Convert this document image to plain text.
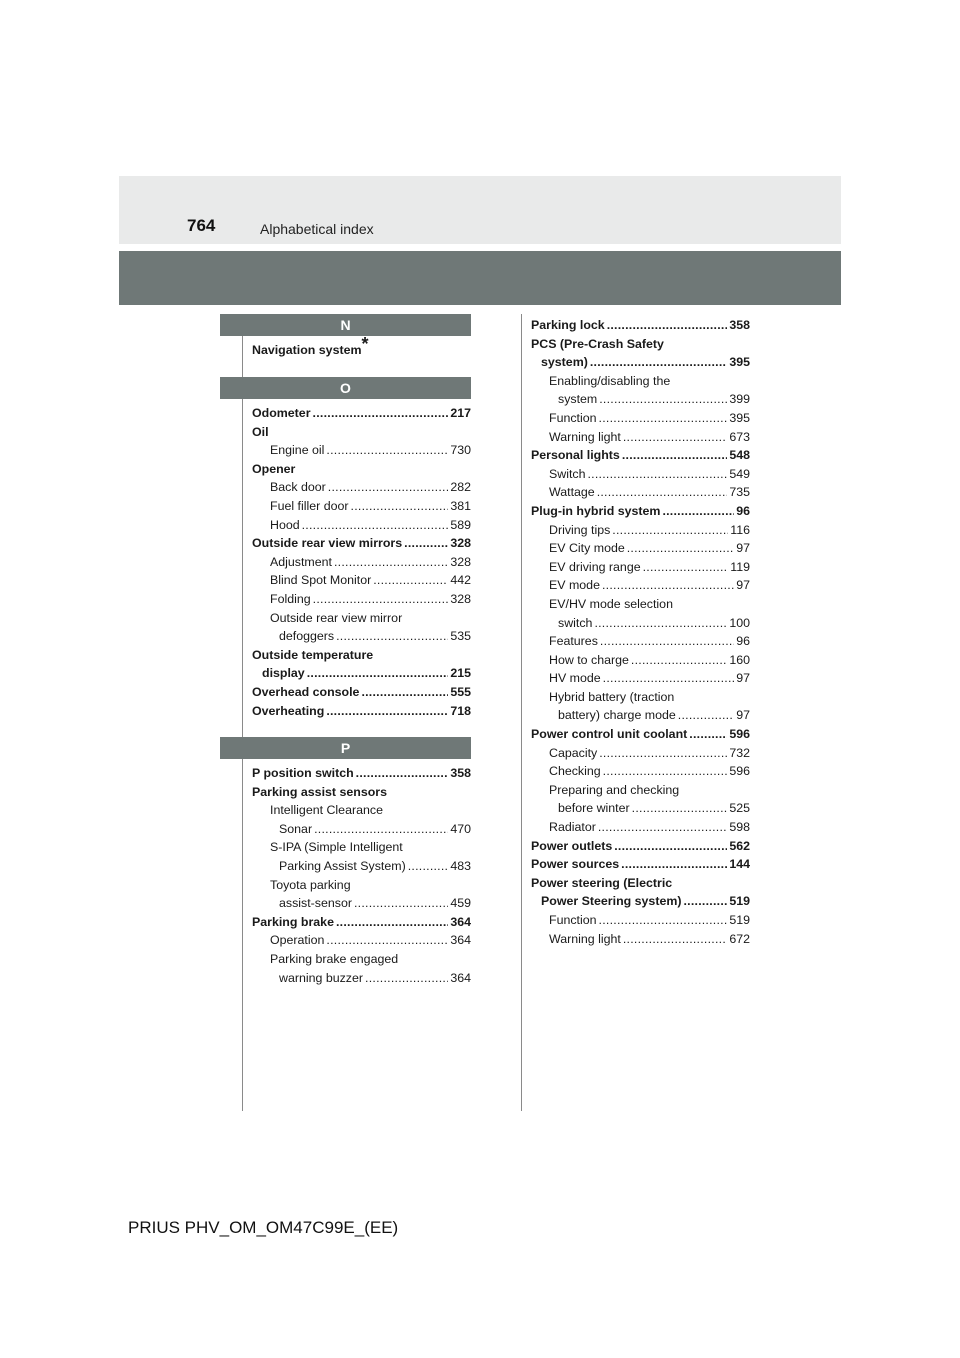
764	Alphabetical index
N
Navigation system*
O
Odometer . . .	217
Oil
Engine oil . . .	730
Opener
Back door . . .	282
Fuel filler door . . .	381
Hood . . .	589
Outside rear view mirrors . . .	328
Adjustment . . .	328
Blind Spot Monitor . . .	442
Folding . . .	328
Outside rear view mirror
defoggers . . .	535
Outside temperature
display . . .	215
Overhead console . . .	555
Overheating . . .	718
P
P position switch . . .	358
Parking assist sensors
Intelligent Clearance
Sonar . . .	470
S-IPA (Simple Intelligent
Parking Assist System) . . .	483
Toyota parking
assist-sensor . . .	459
Parking brake . . .	364
Operation . . .	364
Parking brake engaged
warning buzzer . . .	364
Parking lock . . .	358
PCS (Pre-Crash Safety
system) . . .	395
Enabling/disabling the
system . . .	399
Function . . .	395
Warning light . . .	673
Personal lights . . .	548
Switch . . .	549
Wattage . . .	735
Plug-in hybrid system . . .	96
Driving tips . . .	116
EV City mode . . .	97
EV driving range . . .	119
EV mode . . .	97
EV/HV mode selection
switch . . .	100
Features . . .	96
How to charge . . .	160
HV mode . . .	97
Hybrid battery (traction
battery) charge mode . . .	97
Power control unit coolant . . .	596
Capacity . . .	732
Checking . . .	596
Preparing and checking
before winter . . .	525
Radiator . . .	598
Power outlets . . .	562
Power sources . . .	144
Power steering (Electric
Power Steering system) . . .	519
Function . . .	519
Warning light . . .	672
PRIUS PHV_OM_OM47C99E_(EE)
